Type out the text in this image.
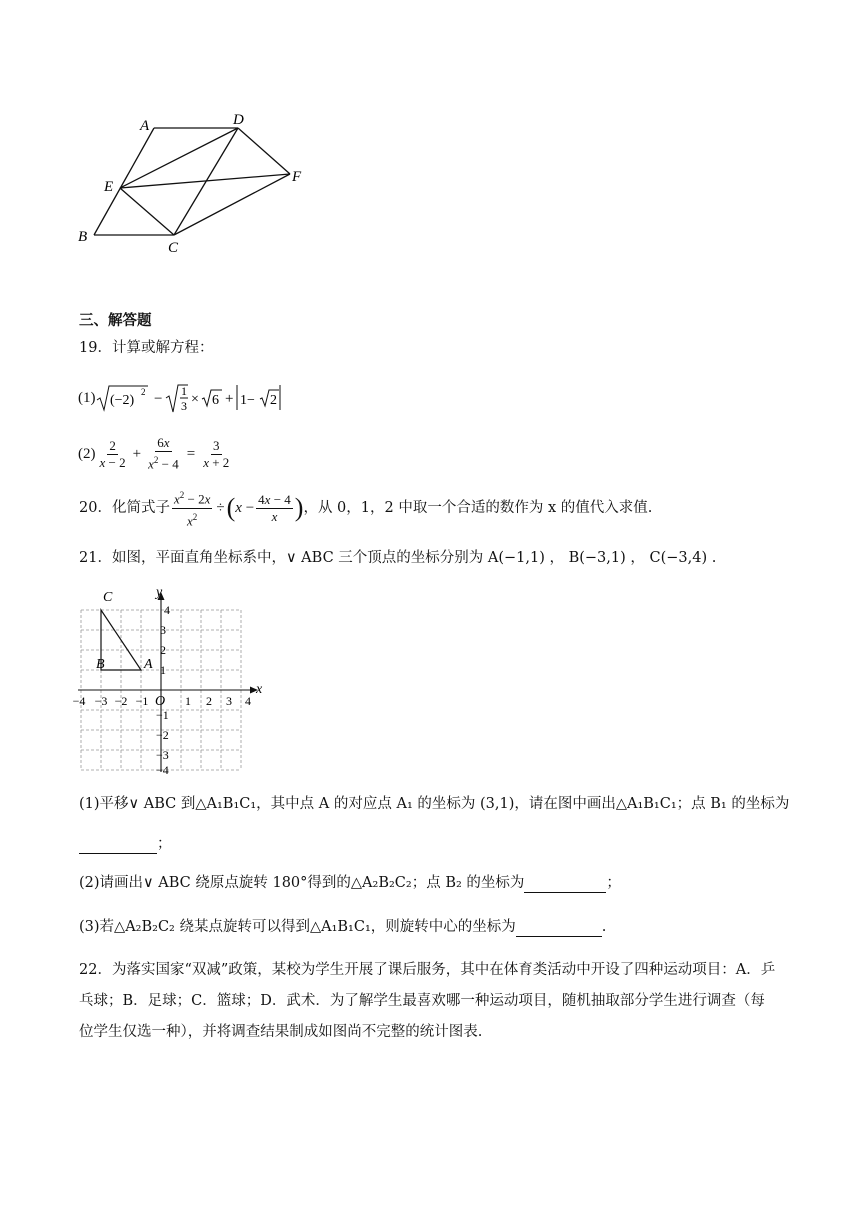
A	D
E
F
B
C
三、解答题
19．计算或解方程：
(1) (−2)
2 − 1
3 × 6 + 1− 2
$(2) \frac{2}{x - 2} + \frac{6x}{x^2 - 4} = \frac{3}{x + 2}$
20．化简式子 $\frac{x^2 - 2x}{x^2}$ ÷ ( $x - \frac{4x - 4}{x}$ ) ，从 0，1，2 中取一个合适的数作为 x 的值代入求值.
21．如图，平面直角坐标系中，∨ ABC 三个顶点的坐标分别为 A(−1,1) ， B(−3,1) ， C(−3,4) .
C
B	A
y
x
O
−4 −3 −2 −1	1 2 3 4
4
3
2
1
−1
−2
−3
−4
(1)平移∨ ABC 到△A₁B₁C₁，其中点 A 的对应点 A₁ 的坐标为 (3,1)，请在图中画出△A₁B₁C₁；点 B₁ 的坐标为
；
(2)请画出∨ ABC 绕原点旋转 180°得到的△A₂B₂C₂；点 B₂ 的坐标为	；
(3)若△A₂B₂C₂ 绕某点旋转可以得到△A₁B₁C₁，则旋转中心的坐标为	.
22．为落实国家“双减”政策，某校为学生开展了课后服务，其中在体育类活动中开设了四种运动项目：A．乒
乓球；B．足球；C．篮球；D．武术．为了解学生最喜欢哪一种运动项目，随机抽取部分学生进行调查（每
位学生仅选一种），并将调查结果制成如图尚不完整的统计图表.
